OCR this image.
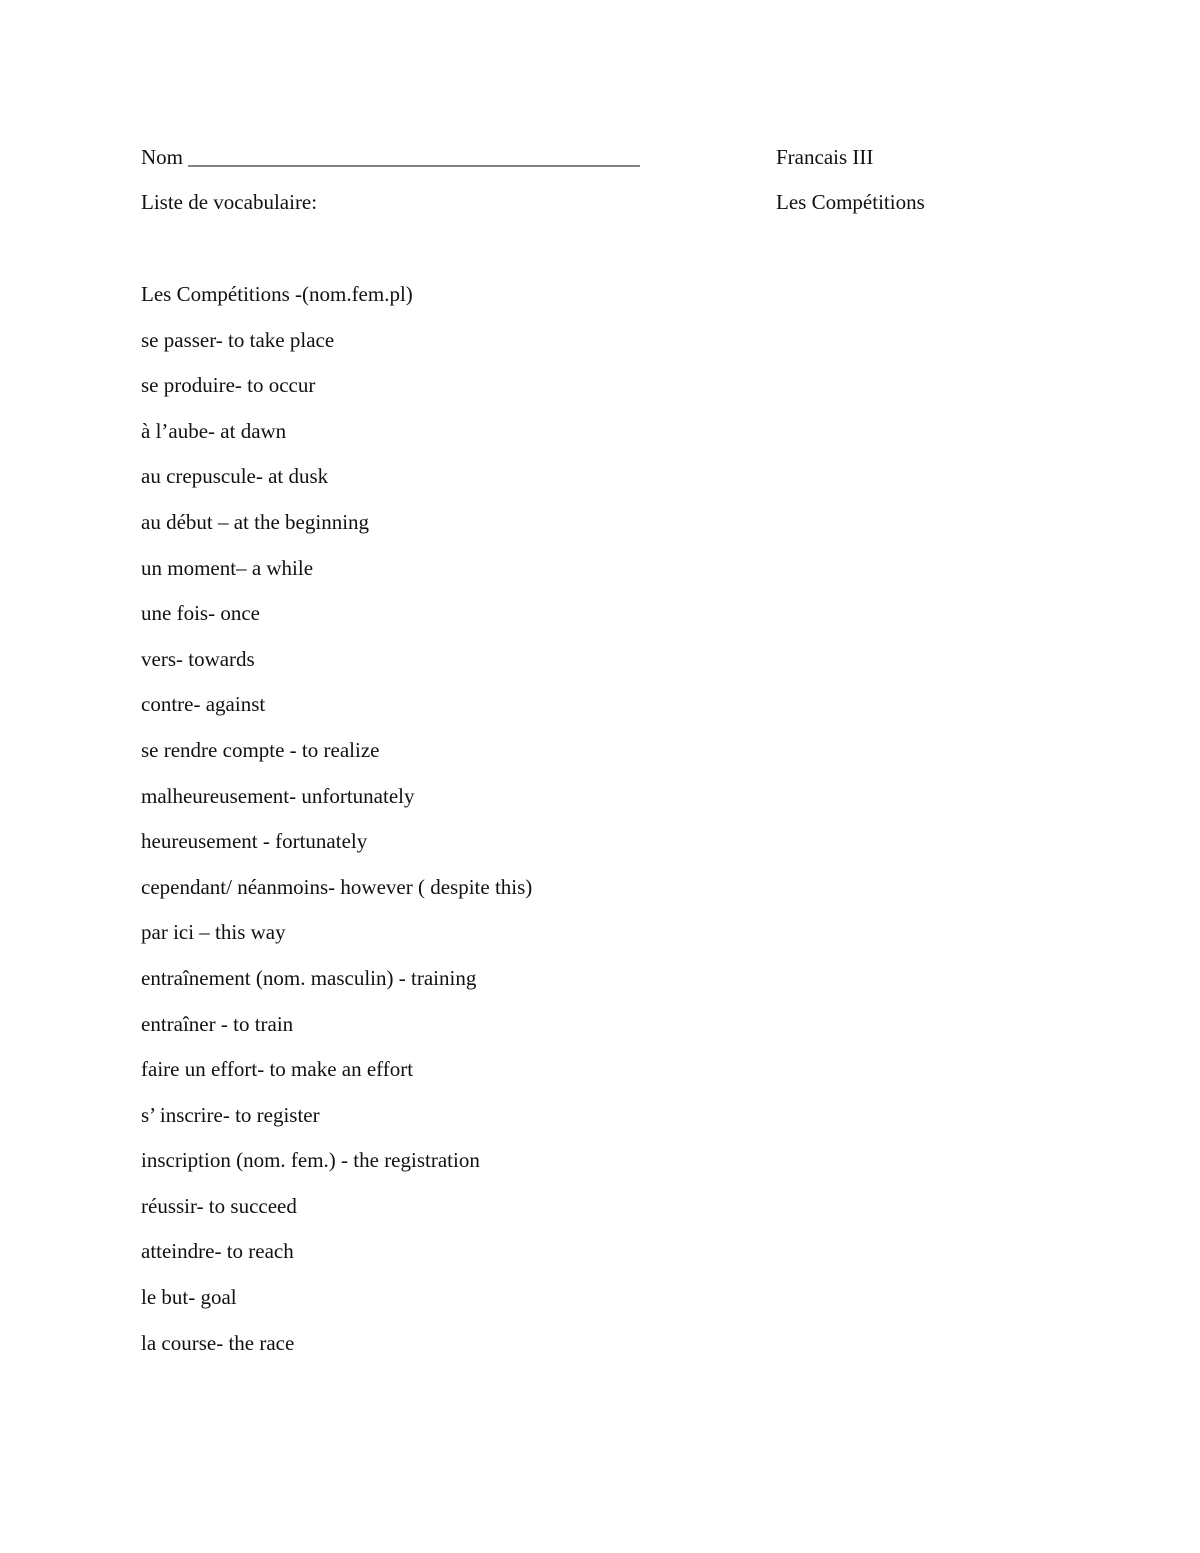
Nom ___________________________________________	Francais III
Liste de vocabulaire:	Les Compétitions
Les Compétitions -(nom.fem.pl)
se passer- to take place
se produire- to occur
à l’aube- at dawn
au crepuscule- at dusk
au début – at the beginning
un moment– a while
une fois- once
vers- towards
contre- against
se rendre compte - to realize
malheureusement- unfortunately
heureusement - fortunately
cependant/ néanmoins- however ( despite this)
par ici – this way
entraînement (nom. masculin) - training
entraîner - to train
faire un effort- to make an effort
s’ inscrire- to register
inscription (nom. fem.) - the registration
réussir- to succeed
atteindre- to reach
le but- goal
la course- the race
